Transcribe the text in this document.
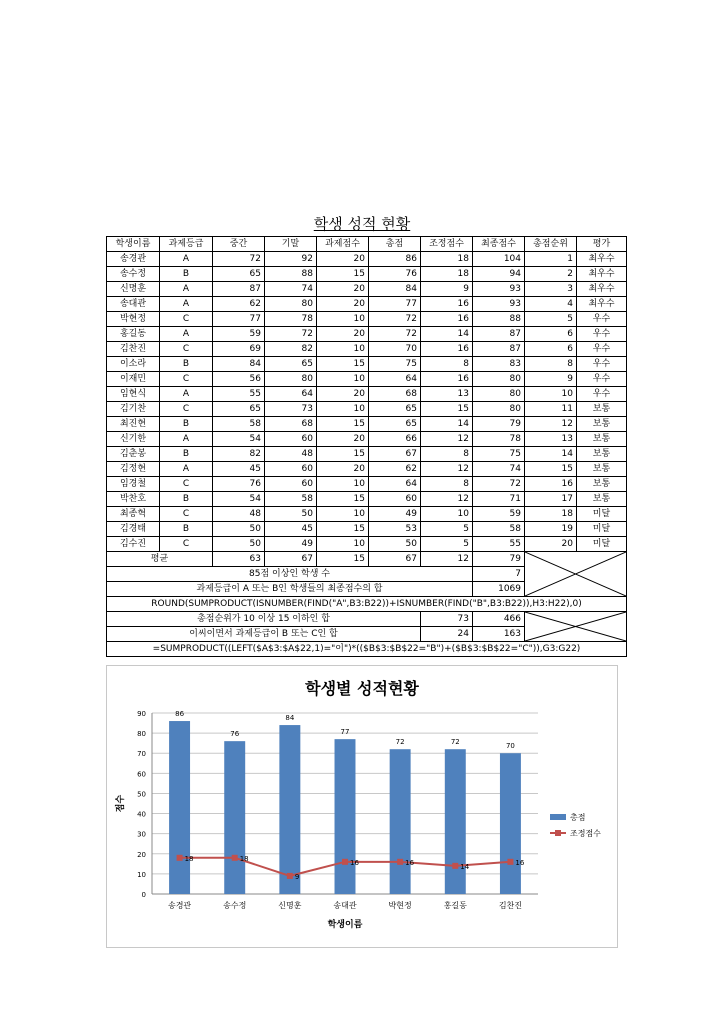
학생 성적 현황
학생이름	과제등급	중간	기말	과제점수	총점	조정점수	최종점수	총점순위	평가
송경관	A	72	92	20	86	18	104	1	최우수
송수정	B	65	88	15	76	18	94	2	최우수
신명훈	A	87	74	20	84	9	93	3	최우수
송대관	A	62	80	20	77	16	93	4	최우수
박현정	C	77	78	10	72	16	88	5	우수
홍길동	A	59	72	20	72	14	87	6	우수
김찬진	C	69	82	10	70	16	87	6	우수
이소라	B	84	65	15	75	8	83	8	우수
이재민	C	56	80	10	64	16	80	9	우수
임현식	A	55	64	20	68	13	80	10	우수
김기찬	C	65	73	10	65	15	80	11	보통
최진현	B	58	68	15	65	14	79	12	보통
신기한	A	54	60	20	66	12	78	13	보통
김춘봉	B	82	48	15	67	8	75	14	보통
김정현	A	45	60	20	62	12	74	15	보통
임경철	C	76	60	10	64	8	72	16	보통
박찬호	B	54	58	15	60	12	71	17	보통
최종혁	C	48	50	10	49	10	59	18	미달
김경태	B	50	45	15	53	5	58	19	미달
김수진	C	50	49	10	50	5	55	20	미달
평균		63	67	15	67	12	79	

85점 이상인 학생 수							7		
과제등급이 A 또는 B인 학생들의 최종점수의 합							1069		
ROUND(SUMPRODUCT(ISNUMBER(FIND("A",B3:B22))+ISNUMBER(FIND("B",B3:B22)),H3:H22),0)									
총점순위가 10 이상 15 이하인 합						73	466	

이씨이면서 과제등급이 B 또는 C인 합						24	163		
=SUMPRODUCT((LEFT($A$3:$A$22,1)="이")*(($B$3:$B$22="B")+($B$3:$B$22="C")),G3:G22)									
학생별 성적현황
0
10
20
30
40
50
60
70
80
90	86
76
84
77
72	72
70
송경관	송수정	신명훈	송대관	박현정	홍길동	김찬진
18	18
9
16	16
14
16
학생이름
점수
총점
조정점수
